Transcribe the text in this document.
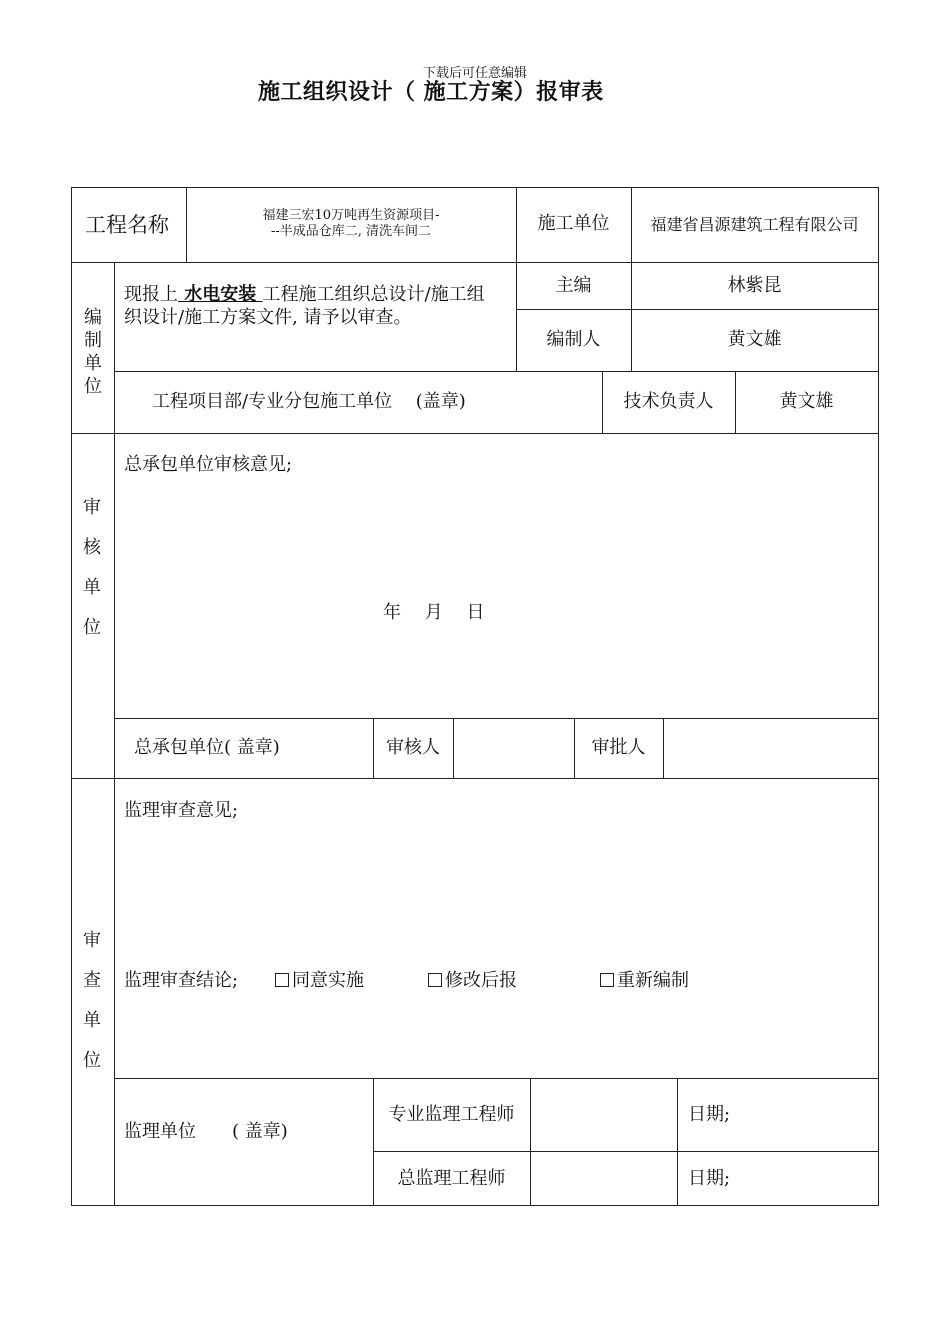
下载后可任意编辑
施工组织设计（ 施工方案）报审表
工程名称	福建三宏10万吨再生资源项目-
--半成品仓库二, 清洗车间二	施工单位	福建省昌源建筑工程有限公司
编
制
单
位
现报上 水电安装 工程施工组织总设计/施工组
织设计/施工方案文件, 请予以审查。
主编	林紫昆
编制人	黄文雄
工程项目部/专业分包施工单位　 (盖章)	技术负责人	黄文雄
审
核
单
位
总承包单位审核意见;
年　 月　 日
总承包单位( 盖章)	审核人	审批人
审
查
单
位
监理审查意见;
监理审查结论;	同意实施	修改后报	重新编制
监理单位　　( 盖章)
专业监理工程师	日期;
总监理工程师	日期;
